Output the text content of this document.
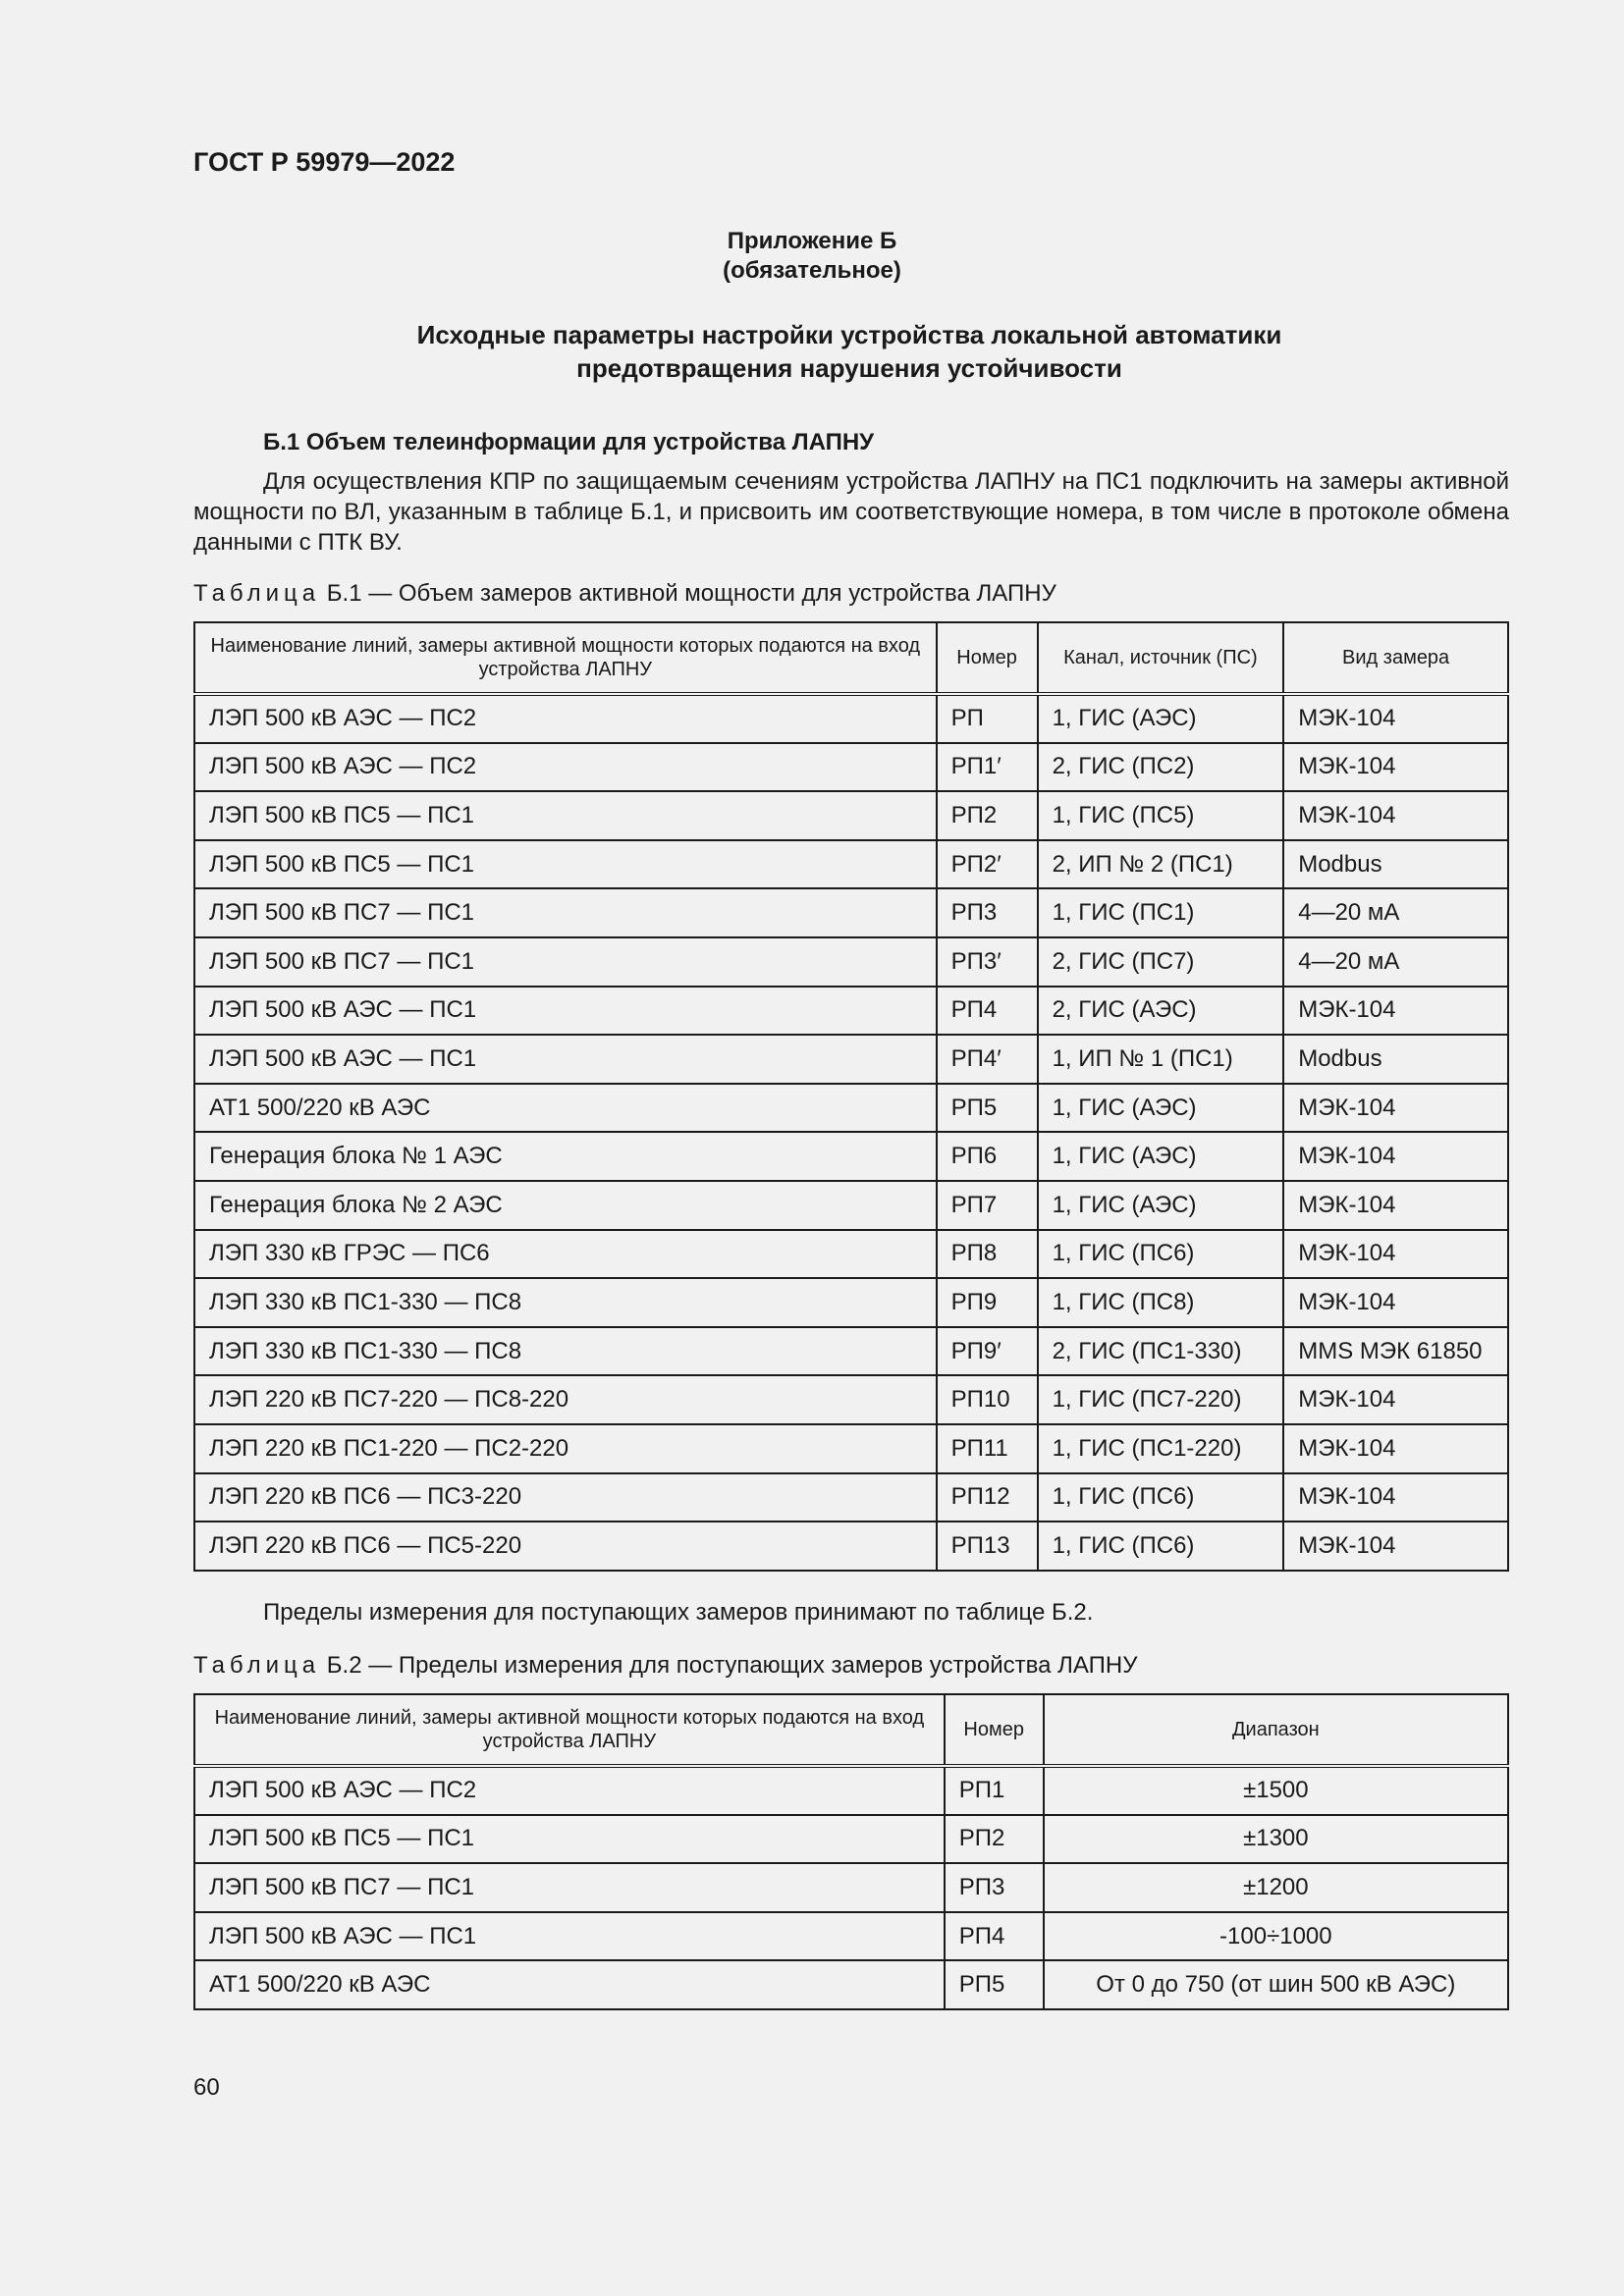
ГОСТ Р 59979—2022
Приложение Б
(обязательное)
Исходные параметры настройки устройства локальной автоматики
предотвращения нарушения устойчивости
Б.1 Объем телеинформации для устройства ЛАПНУ
Для осуществления КПР по защищаемым сечениям устройства ЛАПНУ на ПС1 подключить на замеры активной мощности по ВЛ, указанным в таблице Б.1, и присвоить им соответствующие номера, в том числе в протоколе обмена данными с ПТК ВУ.
Таблица Б.1 — Объем замеров активной мощности для устройства ЛАПНУ
Наименование линий, замеры активной мощности которых подаются на вход устройства ЛАПНУ	Номер	Канал, источник (ПС)	Вид замера
ЛЭП 500 кВ АЭС — ПС2	РП	1, ГИС (АЭС)	МЭК-104
ЛЭП 500 кВ АЭС — ПС2	РП1′	2, ГИС (ПС2)	МЭК-104
ЛЭП 500 кВ ПС5 — ПС1	РП2	1, ГИС (ПС5)	МЭК-104
ЛЭП 500 кВ ПС5 — ПС1	РП2′	2, ИП № 2 (ПС1)	Modbus
ЛЭП 500 кВ ПС7 — ПС1	РП3	1, ГИС (ПС1)	4—20 мА
ЛЭП 500 кВ ПС7 — ПС1	РП3′	2, ГИС (ПС7)	4—20 мА
ЛЭП 500 кВ АЭС — ПС1	РП4	2, ГИС (АЭС)	МЭК-104
ЛЭП 500 кВ АЭС — ПС1	РП4′	1, ИП № 1 (ПС1)	Modbus
АТ1 500/220 кВ АЭС	РП5	1, ГИС (АЭС)	МЭК-104
Генерация блока № 1 АЭС	РП6	1, ГИС (АЭС)	МЭК-104
Генерация блока № 2 АЭС	РП7	1, ГИС (АЭС)	МЭК-104
ЛЭП 330 кВ ГРЭС — ПС6	РП8	1, ГИС (ПС6)	МЭК-104
ЛЭП 330 кВ ПС1-330 — ПС8	РП9	1, ГИС (ПС8)	МЭК-104
ЛЭП 330 кВ ПС1-330 — ПС8	РП9′	2, ГИС (ПС1-330)	MMS МЭК 61850
ЛЭП 220 кВ ПС7-220 — ПС8-220	РП10	1, ГИС (ПС7-220)	МЭК-104
ЛЭП 220 кВ ПС1-220 — ПС2-220	РП11	1, ГИС (ПС1-220)	МЭК-104
ЛЭП 220 кВ ПС6 — ПС3-220	РП12	1, ГИС (ПС6)	МЭК-104
ЛЭП 220 кВ ПС6 — ПС5-220	РП13	1, ГИС (ПС6)	МЭК-104
Пределы измерения для поступающих замеров принимают по таблице Б.2.
Таблица Б.2 — Пределы измерения для поступающих замеров устройства ЛАПНУ
Наименование линий, замеры активной мощности которых подаются на вход устройства ЛАПНУ	Номер	Диапазон
ЛЭП 500 кВ АЭС — ПС2	РП1	±1500
ЛЭП 500 кВ ПС5 — ПС1	РП2	±1300
ЛЭП 500 кВ ПС7 — ПС1	РП3	±1200
ЛЭП 500 кВ АЭС — ПС1	РП4	-100÷1000
АТ1 500/220 кВ АЭС	РП5	От 0 до 750 (от шин 500 кВ АЭС)
60
